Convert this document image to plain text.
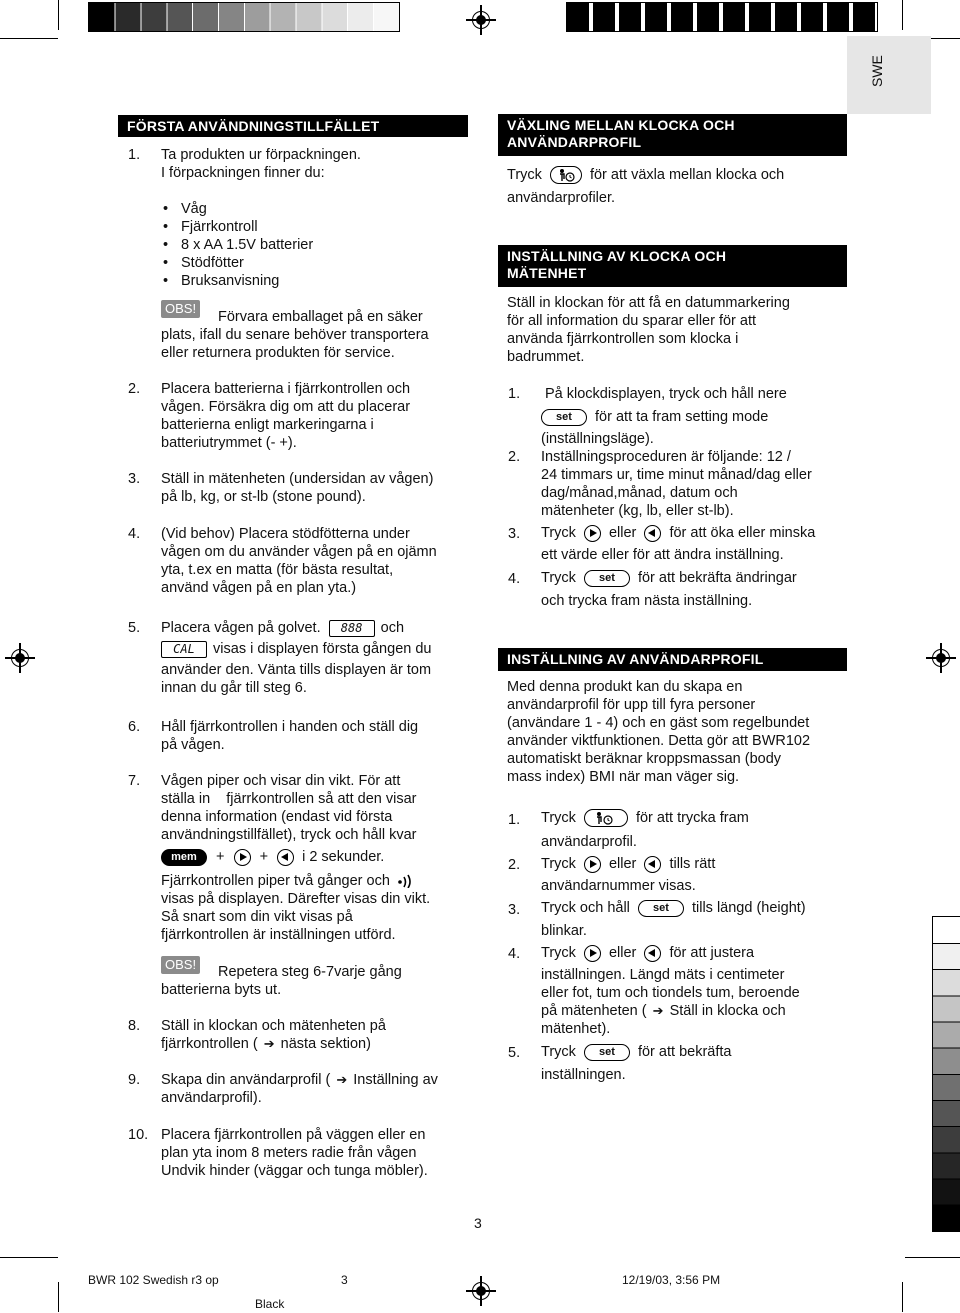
SWE
FÖRSTA ANVÄNDNINGSTILLFÄLLET
1. Ta produkten ur förpackningen.
I förpackningen finner du:
• Våg
• Fjärrkontroll
• 8 x AA 1.5V batterier
• Stödfötter
• Bruksanvisning
OBS!
Förvara emballaget på en säker
plats, ifall du senare behöver transportera
eller returnera produkten för service.
2. Placera batterierna i fjärrkontrollen och
vågen. Försäkra dig om att du placerar
batterierna enligt markeringarna i
batteriutrymmet (- +).
3. Ställ in mätenheten (undersidan av vågen)
på lb, kg, or st-lb (stone pound).
4. (Vid behov) Placera stödfötterna under
vågen om du använder vågen på en ojämn
yta, t.ex en matta (för bästa resultat,
använd vågen på en plan yta.)
5. Placera vågen på golvet. 888 och
CAL visas i displayen första gången du
använder den. Vänta tills displayen är tom
innan du går till steg 6.
6. Håll fjärrkontrollen i handen och ställ dig
på vågen.
7. Vågen piper och visar din vikt. För att
ställa in    fjärrkontrollen så att den visar
denna information (endast vid första
användningstillfället), tryck och håll kvar
mem + + i 2 sekunder.
Fjärrkontrollen piper två gånger och
visas på displayen. Därefter visas din vikt.
Så snart som din vikt visas på
fjärrkontrollen är inställningen utförd.
OBS! Repetera steg 6-7varje gång
batterierna byts ut.
8. Ställ in klockan och mätenheten på
fjärrkontrollen ( ➔ nästa sektion)
9. Skapa din användarprofil ( ➔ Inställning av
användarprofil).
10. Placera fjärrkontrollen på väggen eller en
plan yta inom 8 meters radie från vågen
Undvik hinder (väggar och tunga möbler).
VÄXLING MELLAN KLOCKA OCH
ANVÄNDARPROFIL
Tryck	för att växla mellan klocka och
användarprofiler.
INSTÄLLNING AV KLOCKA OCH
MÄTENHET
Ställ in klockan för att få en datummarkering
för all information du sparar eller för att
använda fjärrkontrollen som klocka i
badrummet.
1. På klockdisplayen, tryck och håll nere
set för att ta fram setting mode
(inställningsläge).
2. Inställningsproceduren är följande: 12 /
24 timmars ur, time minut månad/dag eller
dag/månad,månad, datum och
mätenheter (kg, lb, eller st-lb).
3. Tryck eller för att öka eller minska
ett värde eller för att ändra inställning.
4. Tryck set för att bekräfta ändringar
och trycka fram nästa inställning.
INSTÄLLNING AV ANVÄNDARPROFIL
Med denna produkt kan du skapa en
användarprofil för upp till fyra personer
(användare 1 - 4) och en gäst som regelbundet
använder viktfunktionen. Detta gör att BWR102
automatiskt beräknar kroppsmassan (body
mass index) BMI när man väger sig.
1. Tryck	för att trycka fram
användarprofil.
2. Tryck eller tills rätt
användarnummer visas.
3. Tryck och håll set tills längd (height)
blinkar.
4. Tryck eller för att justera
inställningen. Längd mäts i centimeter
eller fot, tum och tiondels tum, beroende
på mätenheten ( ➔ Ställ in klocka och
mätenhet).
5. Tryck set för att bekräfta
inställningen.
3
BWR 102 Swedish r3 op	3	12/19/03, 3:56 PM
Black
